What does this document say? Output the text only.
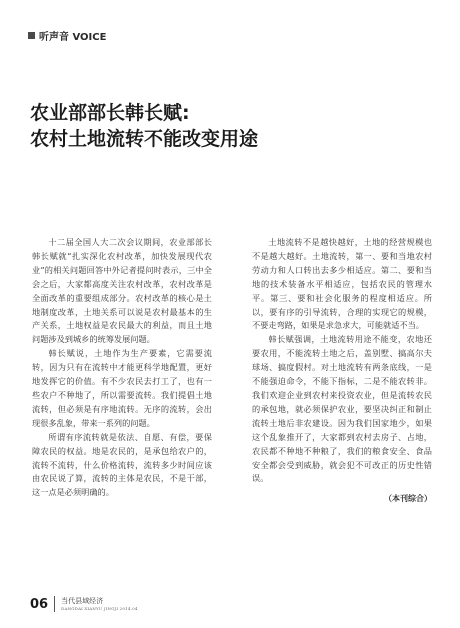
听声音 VOICE
农业部部长韩长赋:
农村土地流转不能改变用途

十二届全国人大二次会议期间，农业部部长韩长赋就“扎实深化农村改革，加快发展现代农业”的相关问题回答中外记者提问时表示，三中全会之后，大家都高度关注农村改革，农村改革是全面改革的重要组成部分。农村改革的核心是土地制度改革，土地关系可以说是农村最基本的生产关系，土地权益是农民最大的利益，而且土地问题涉及到城乡的统筹发展问题。

韩长赋说，土地作为生产要素，它需要流转，因为只有在流转中才能更科学地配置，更好地发挥它的价值。有不少农民去打工了，也有一些农户不种地了，所以需要流转。我们提倡土地流转，但必须是有序地流转。无序的流转，会出现很多乱象，带来一系列的问题。

所谓有序流转就是依法、自愿、有偿，要保障农民的权益。地是农民的，是承包给农户的，流转不流转，什么价格流转，流转多少时间应该由农民说了算，流转的主体是农民，不是干部，这一点是必须明确的。

土地流转不是越快越好，土地的经营规模也不是越大越好。土地流转，第一、要和当地农村劳动力和人口转出去多少相适应。第二、要和当地的技术装备水平相适应，包括农民的管理水平。第三、要和社会化服务的程度相适应。所以，要有序的引导流转，合理的实现它的规模，不要走弯路，如果是求急求大，可能就适不当。

韩长赋强调，土地流转用途不能变，农地还要农用，不能流转土地之后，盖别墅、搞高尔夫球场、搞度假村。对土地流转有两条底线，一是不能强迫命令，不能下指标，二是不能农转非。我们欢迎企业到农村来投资农业，但是流转农民的承包地，就必须保护农业，要坚决纠正和制止流转土地后非农建设。因为我们国家地少，如果这个乱象推开了，大家都到农村去房子、占地，农民都不种地不种粮了，我们的粮食安全、食品安全都会受到威胁，就会犯不可改正的历史性错误。

（本刊综合）
06 当代县域经济
DANGDAI XIANYU JINGJI 2014.04
